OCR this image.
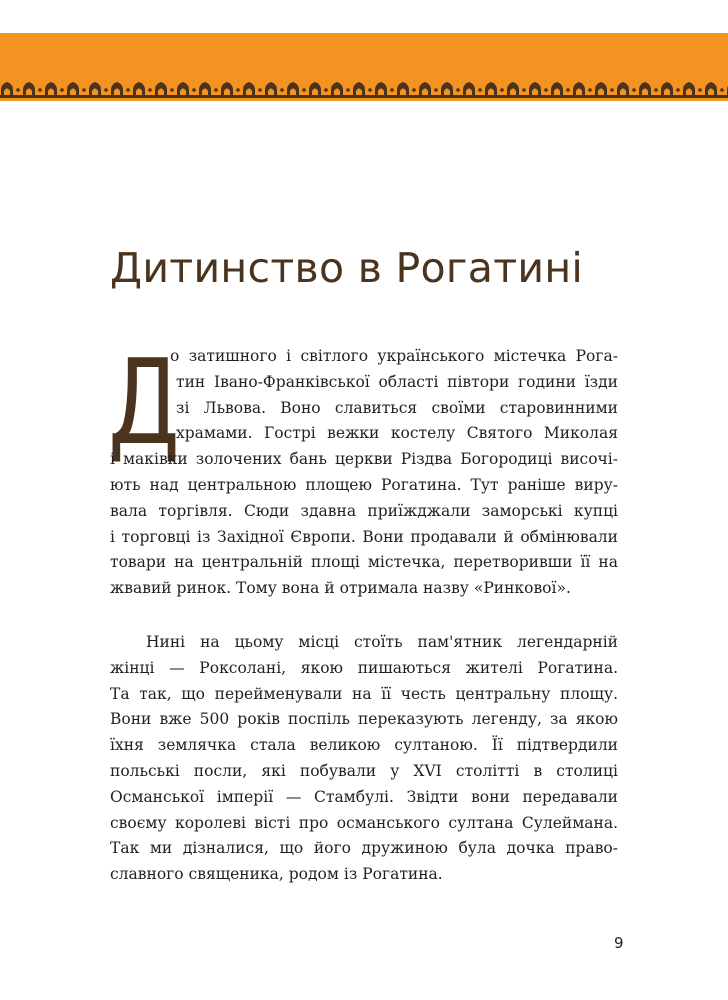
Дитинство в Рогатині
Д
о затишного і світлого українського містечка Рога-
тин Івано-Франківської області півтори години їзди
зі Львова. Воно славиться своїми старовинними
храмами. Гострі вежки костелу Святого Миколая
і маківки золочених бань церкви Різдва Богородиці височі-
ють над центральною площею Рогатина. Тут раніше виру-
вала торгівля. Сюди здавна приїжджали заморські купці
і торговці із Західної Європи. Вони продавали й обмінювали
товари на центральній площі містечка, перетворивши її на
жвавий ринок. Тому вона й отримала назву «Ринкової».
Нині на цьому місці стоїть пам'ятник легендарній
жінці — Роксолані, якою пишаються жителі Рогатина.
Та так, що перейменували на її честь центральну площу.
Вони вже 500 років поспіль переказують легенду, за якою
їхня землячка стала великою султаною. Її підтвердили
польські посли, які побували у XVI столітті в столиці
Османської імперії — Стамбулі. Звідти вони передавали
своєму королеві вісті про османського султана Сулеймана.
Так ми дізналися, що його дружиною була дочка право-
славного священика, родом із Рогатина.
9
